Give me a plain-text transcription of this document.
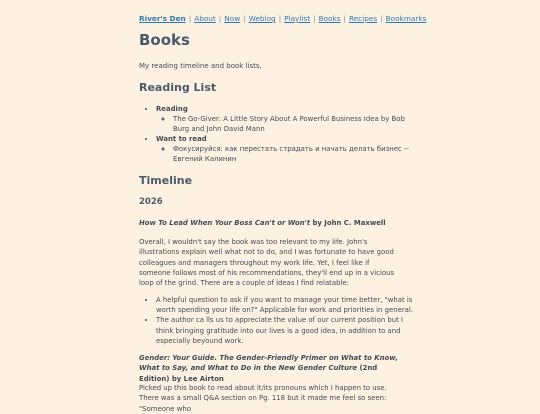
River's Den | About | Now | Weblog | Playlist | Books | Recipes | Bookmarks
Books

My reading timeline and book lists.

Reading List
• Reading
◦ The Go-Giver: A Little Story About A Powerful Business Idea by Bob Burg and John David Mann
• Want to read
◦ Фокусируйся: как перестать страдать и начать делать бизнес -- Евгений Калинин
Timeline
2026

How To Lead When Your Boss Can't or Won't by John C. Maxwell

Overall, I wouldn't say the book was too relevant to my life. John's illustrations explain well what not to do, and I was fortunate to have good colleagues and managers throughout my work life. Yet, I feel like if someone follows most of his recommendations, they'll end up in a vicious loop of the grind. There are a couple of ideas I find relatable:

• A helpful question to ask if you want to manage your time better, "what is worth spending your life on?" Applicable for work and priorities in general.
• The author ca lls us to appreciate the value of our current position but I think bringing gratitude into our lives is a good idea, in addition to and especially beyound work.

Gender: Your Guide. The Gender-Friendly Primer on What to Know, What to Say, and What to Do in the New Gender Culture (2nd Edition) by Lee Airton

Picked up this book to read about it/its pronouns which I happen to use. There was a small Q&A section on Pg. 118 but it made me feel so seen: "Someone who
